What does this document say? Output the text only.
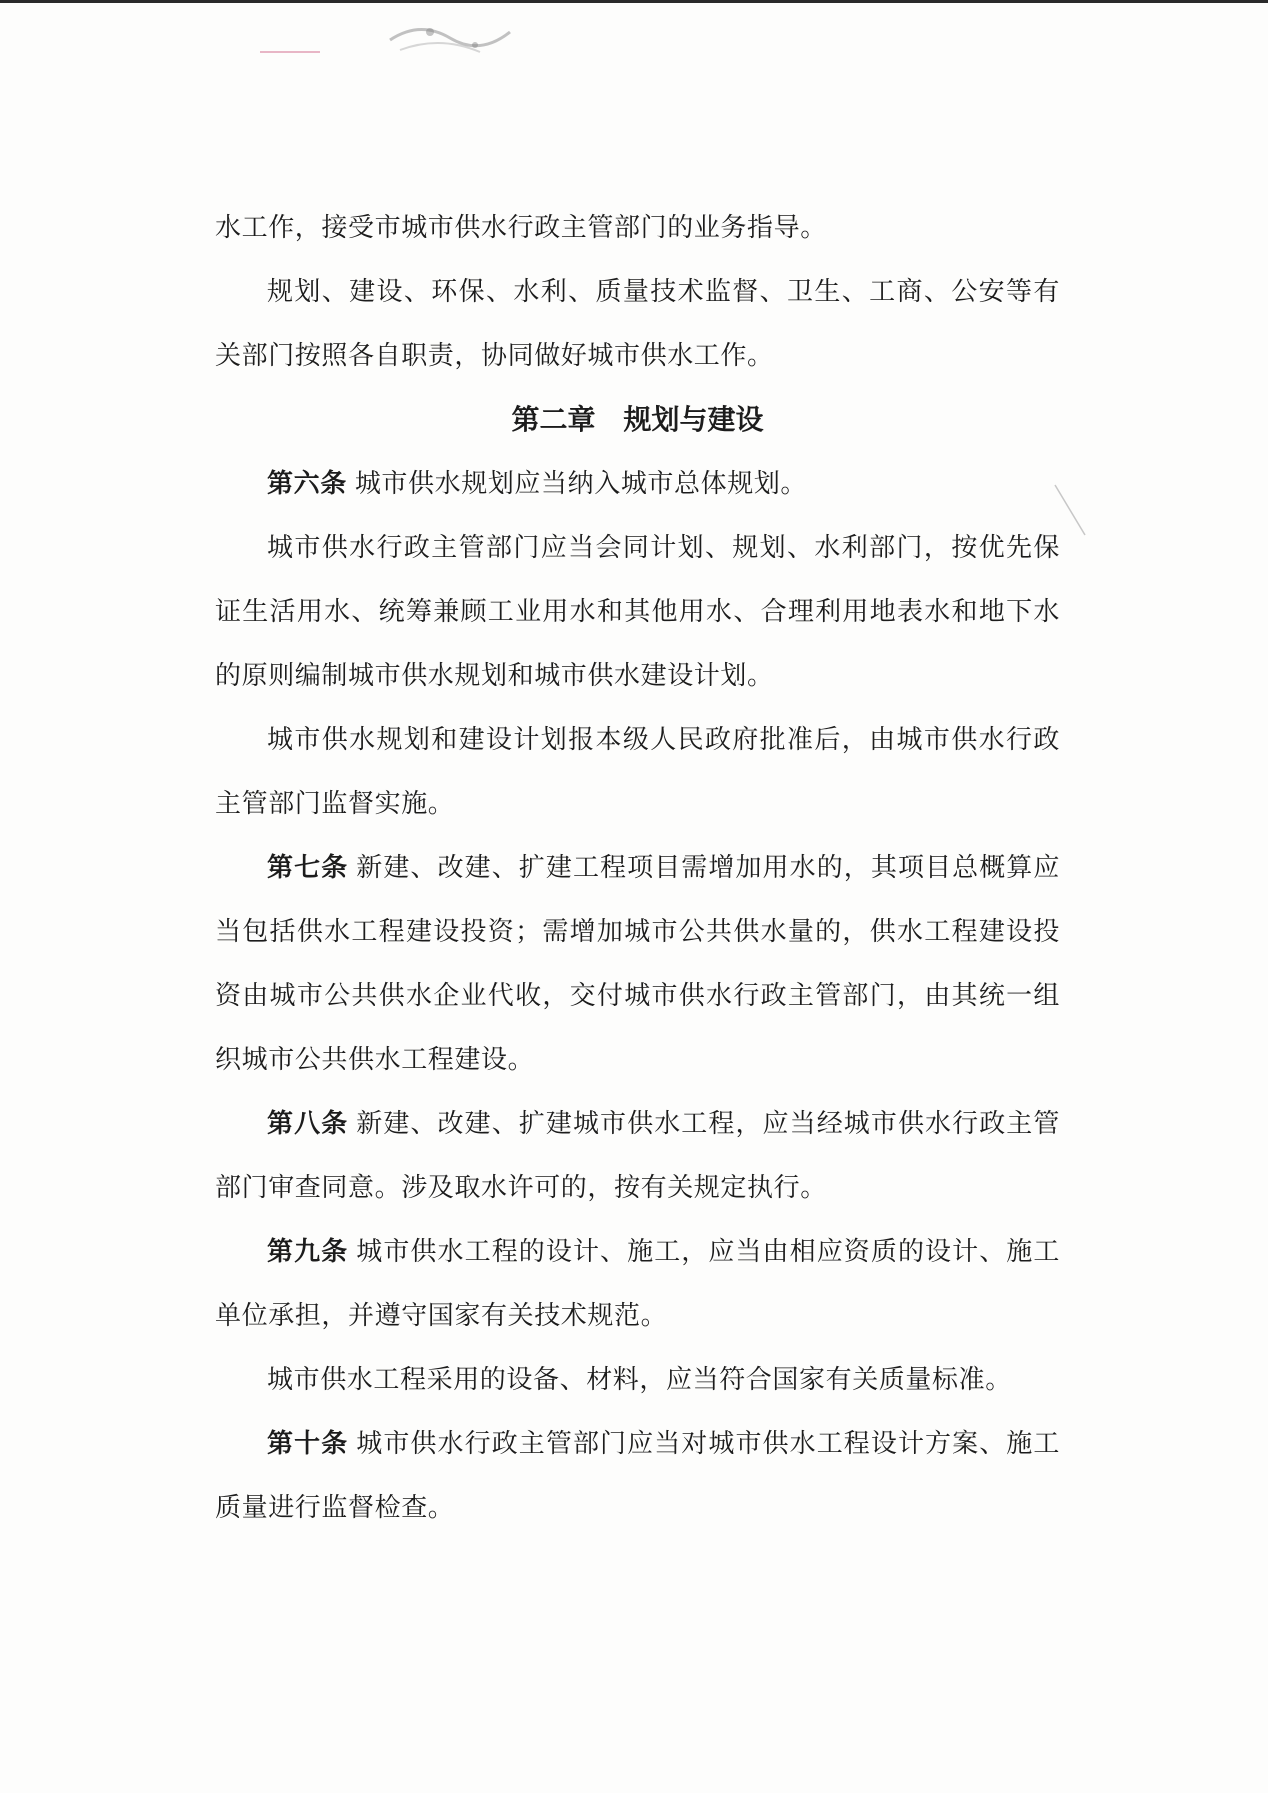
水工作，接受市城市供水行政主管部门的业务指导。

规划、建设、环保、水利、质量技术监督、卫生、工商、公安等有关部门按照各自职责，协同做好城市供水工作。

第二章　规划与建设

第六条 城市供水规划应当纳入城市总体规划。

城市供水行政主管部门应当会同计划、规划、水利部门，按优先保证生活用水、统筹兼顾工业用水和其他用水、合理利用地表水和地下水的原则编制城市供水规划和城市供水建设计划。

城市供水规划和建设计划报本级人民政府批准后，由城市供水行政主管部门监督实施。

第七条 新建、改建、扩建工程项目需增加用水的，其项目总概算应当包括供水工程建设投资；需增加城市公共供水量的，供水工程建设投资由城市公共供水企业代收，交付城市供水行政主管部门，由其统一组织城市公共供水工程建设。

第八条 新建、改建、扩建城市供水工程，应当经城市供水行政主管部门审查同意。涉及取水许可的，按有关规定执行。

第九条 城市供水工程的设计、施工，应当由相应资质的设计、施工单位承担，并遵守国家有关技术规范。

城市供水工程采用的设备、材料，应当符合国家有关质量标准。

第十条 城市供水行政主管部门应当对城市供水工程设计方案、施工质量进行监督检查。
